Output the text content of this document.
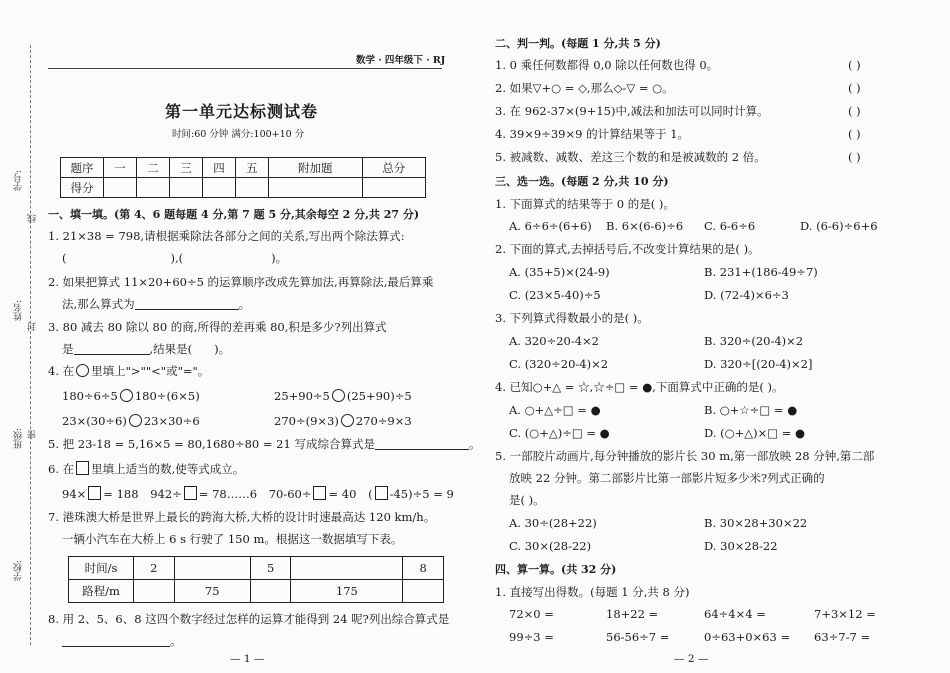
学号:
线
姓名:
封
班级: 密
学校:
数学 · 四年级下 · RJ
第一单元达标测试卷
时间:60 分钟 满分:100+10 分
题序	一	二	三	四	五	附加题	总分
得分							
一、填一填。(第 4、6 题每题 4 分,第 7 题 5 分,其余每空 2 分,共 27 分)
1. 21×38 = 798,请根据乘除法各部分之间的关系,写出两个除法算式:
(	),(	)。
2. 如果把算式 11×20+60÷5 的运算顺序改成先算加法,再算除法,最后算乘
法,那么算式为	。
3. 80 减去 80 除以 80 的商,所得的差再乘 80,积是多少?列出算式
是	,结果是( )。
4. 在 里填上">""<"或"="。
180÷6÷5 180÷(6×5)	25+90÷5 (25+90)÷5
23×(30÷6) 23×30÷6	270÷(9×3) 270÷9×3
5. 把 23-18 = 5,16×5 = 80,1680÷80 = 21 写成综合算式是	。
6. 在 里填上适当的数,使等式成立。
94× = 188 942÷ = 78……6 70-60÷ = 40 ( -45)÷5 = 9
7. 港珠澳大桥是世界上最长的跨海大桥,大桥的设计时速最高达 120 km/h。
一辆小汽车在大桥上 6 s 行驶了 150 m。根据这一数据填写下表。
时间/s	2		5		8
路程/m		75		175	
8. 用 2、5、6、8 这四个数字经过怎样的运算才能得到 24 呢?列出综合算式是
。
— 1 —
二、判一判。(每题 1 分,共 5 分)
1. 0 乘任何数都得 0,0 除以任何数也得 0。
2. 如果▽+○ = ◇,那么◇-▽ = ○。
3. 在 962-37×(9+15)中,减法和加法可以同时计算。
4. 39×9÷39×9 的计算结果等于 1。
5. 被减数、减数、差这三个数的和是被减数的 2 倍。
( )
( )
( )
( )
( )
三、选一选。(每题 2 分,共 10 分)
1. 下面算式的结果等于 0 的是( )。
A. 6÷6÷(6+6) B. 6×(6-6)÷6 C. 6-6÷6	D. (6-6)÷6+6
2. 下面的算式,去掉括号后,不改变计算结果的是( )。
A. (35+5)×(24-9)	B. 231+(186-49÷7)
C. (23×5-40)÷5	D. (72-4)×6÷3
3. 下列算式得数最小的是( )。
A. 320÷20-4×2	B. 320÷(20-4)×2
C. (320÷20-4)×2	D. 320÷[(20-4)×2]
4. 已知○+△ = ☆,☆÷□ = ●,下面算式中正确的是( )。
A. ○+△÷□ = ●	B. ○+☆÷□ = ●
C. (○+△)÷□ = ●	D. (○+△)×□ = ●
5. 一部胶片动画片,每分钟播放的影片长 30 m,第一部放映 28 分钟,第二部
放映 22 分钟。第二部影片比第一部影片短多少米?列式正确的
是( )。
A. 30÷(28+22)	B. 30×28+30×22
C. 30×(28-22)	D. 30×28-22
四、算一算。(共 32 分)
1. 直接写出得数。(每题 1 分,共 8 分)
72×0 =	18+22 =	64÷4×4 =	7+3×12 =
99÷3 =	56-56÷7 =	0÷63+0×63 = 63÷7-7 =
— 2 —
